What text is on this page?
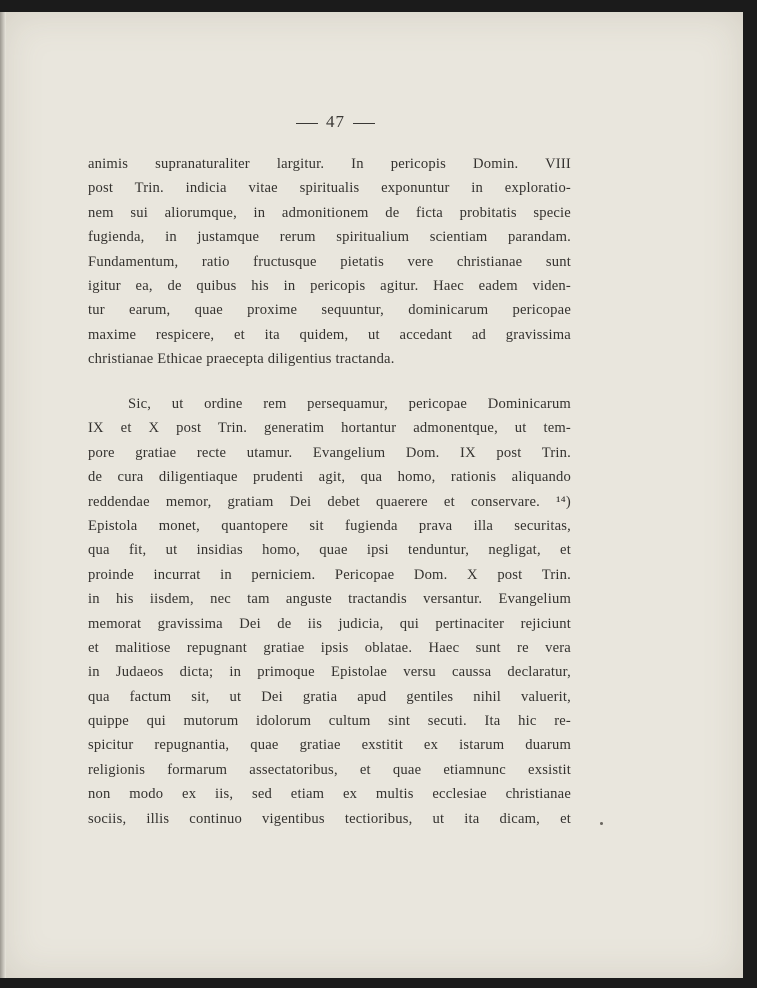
47
animis supranaturaliter largitur. In pericopis Domin. VIII
post Trin. indicia vitae spiritualis exponuntur in exploratio-
nem sui aliorumque, in admonitionem de ficta probitatis specie
fugienda, in justamque rerum spiritualium scientiam parandam.
Fundamentum, ratio fructusque pietatis vere christianae sunt
igitur ea, de quibus his in pericopis agitur. Haec eadem viden-
tur earum, quae proxime sequuntur, dominicarum pericopae
maxime respicere, et ita quidem, ut accedant ad gravissima
christianae Ethicae praecepta diligentius tractanda.
Sic, ut ordine rem persequamur, pericopae Dominicarum
IX et X post Trin. generatim hortantur admonentque, ut tem-
pore gratiae recte utamur. Evangelium Dom. IX post Trin.
de cura diligentiaque prudenti agit, qua homo, rationis aliquando
reddendae memor, gratiam Dei debet quaerere et conservare. ¹⁴)
Epistola monet, quantopere sit fugienda prava illa securitas,
qua fit, ut insidias homo, quae ipsi tenduntur, negligat, et
proinde incurrat in perniciem. Pericopae Dom. X post Trin.
in his iisdem, nec tam anguste tractandis versantur. Evangelium
memorat gravissima Dei de iis judicia, qui pertinaciter rejiciunt
et malitiose repugnant gratiae ipsis oblatae. Haec sunt re vera
in Judaeos dicta; in primoque Epistolae versu caussa declaratur,
qua factum sit, ut Dei gratia apud gentiles nihil valuerit,
quippe qui mutorum idolorum cultum sint secuti. Ita hic re-
spicitur repugnantia, quae gratiae exstitit ex istarum duarum
religionis formarum assectatoribus, et quae etiamnunc exsistit
non modo ex iis, sed etiam ex multis ecclesiae christianae
sociis, illis continuo vigentibus tectioribus, ut ita dicam, et
